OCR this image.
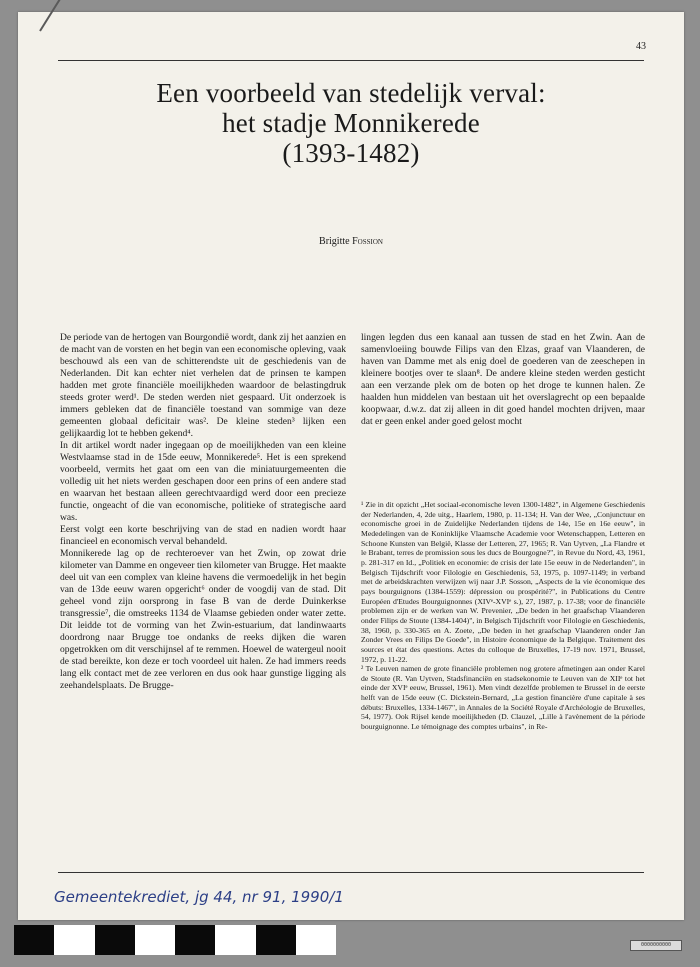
43
Een voorbeeld van stedelijk verval:
het stadje Monnikerede
(1393-1482)
Brigitte Fossion

De periode van de hertogen van Bourgondië wordt, dank zij het aanzien en de macht van de vorsten en het begin van een economische opleving, vaak beschouwd als een van de schitterendste uit de geschiedenis van de Nederlanden. Dit kan echter niet verhelen dat de prinsen te kampen hadden met grote financiële moeilijkheden waardoor de belastingdruk steeds groter werd¹. De steden werden niet gespaard. Uit onderzoek is immers gebleken dat de financiële toestand van sommige van deze gemeenten globaal deficitair was². De kleine steden³ lijken een gelijkaardig lot te hebben gekend⁴.

In dit artikel wordt nader ingegaan op de moeilijkheden van een kleine Westvlaamse stad in de 15de eeuw, Monnikerede⁵. Het is een sprekend voorbeeld, vermits het gaat om een van die miniatuurgemeenten die volledig uit het niets werden geschapen door een prins of een andere stad en waarvan het bestaan alleen gerechtvaardigd werd door een precieze functie, ongeacht of die van economische, politieke of strategische aard was.

Eerst volgt een korte beschrijving van de stad en nadien wordt haar financieel en economisch verval behandeld.

Monnikerede lag op de rechteroever van het Zwin, op zowat drie kilometer van Damme en ongeveer tien kilometer van Brugge. Het maakte deel uit van een complex van kleine havens die vermoedelijk in het begin van de 13de eeuw waren opgericht⁶ onder de voogdij van de stad. Dit geheel vond zijn oorsprong in fase B van de derde Duinkerkse transgressie⁷, die omstreeks 1134 de Vlaamse gebieden onder water zette. Dit leidde tot de vorming van het Zwin-estuarium, dat landinwaarts doordrong naar Brugge toe ondanks de reeks dijken die waren opgetrokken om dit verschijnsel af te remmen. Hoewel de watergeul nooit de stad bereikte, kon deze er toch voordeel uit halen. Ze had immers reeds lang elk contact met de zee verloren en dus ook haar gunstige ligging als zeehandelsplaats. De Brugge-

lingen legden dus een kanaal aan tussen de stad en het Zwin. Aan de samenvloeiing bouwde Filips van den Elzas, graaf van Vlaanderen, de haven van Damme met als enig doel de goederen van de zeeschepen in kleinere bootjes over te slaan⁸. De andere kleine steden werden gesticht aan een verzande plek om de boten op het droge te kunnen halen. Ze haalden hun middelen van bestaan uit het overslagrecht op een bepaalde koopwaar, d.w.z. dat zij alleen in dit goed handel mochten drijven, maar dat er geen enkel ander goed gelost mocht

¹ Zie in dit opzicht „Het sociaal-economische leven 1300-1482", in Algemene Geschiedenis der Nederlanden, 4, 2de uitg., Haarlem, 1980, p. 11-134; H. Van der Wee, „Conjunctuur en economische groei in de Zuidelijke Nederlanden tijdens de 14e, 15e en 16e eeuw", in Mededelingen van de Koninklijke Vlaamsche Academie voor Wetenschappen, Letteren en Schoone Kunsten van België, Klasse der Letteren, 27, 1965; R. Van Uytven, „La Flandre et le Brabant, terres de promission sous les ducs de Bourgogne?", in Revue du Nord, 43, 1961, p. 281-317 en Id., „Politiek en economie: de crisis der late 15e eeuw in de Nederlanden", in Belgisch Tijdschrift voor Filologie en Geschiedenis, 53, 1975, p. 1097-1149; in verband met de arbeidskrachten verwijzen wij naar J.P. Sosson, „Aspects de la vie économique des pays bourguignons (1384-1559): dépression ou prospérité?", in Publications du Centre Européen d'Etudes Bourguignonnes (XIVᵉ-XVIᵉ s.), 27, 1987, p. 17-38; voor de financiële problemen zijn er de werken van W. Prevenier, „De beden in het graafschap Vlaanderen onder Filips de Stoute (1384-1404)", in Belgisch Tijdschrift voor Filologie en Geschiedenis, 38, 1960, p. 330-365 en A. Zoete, „De beden in het graafschap Vlaanderen onder Jan Zonder Vrees en Filips De Goede", in Histoire économique de la Belgique. Traitement des sources et état des questions. Actes du colloque de Bruxelles, 17-19 nov. 1971, Brussel, 1972, p. 11-22.

² Te Leuven namen de grote financiële problemen nog grotere afmetingen aan onder Karel de Stoute (R. Van Uytven, Stadsfinanciën en stadsekonomie te Leuven van de XIIᵉ tot het einde der XVIᵉ eeuw, Brussel, 1961). Men vindt dezelfde problemen te Brussel in de eerste helft van de 15de eeuw (C. Dickstein-Bernard, „La gestion financière d'une capitale à ses débuts: Bruxelles, 1334-1467", in Annales de la Société Royale d'Archéologie de Bruxelles, 54, 1977). Ook Rijsel kende moeilijkheden (D. Clauzel, „Lille à l'avènement de la période bourguignonne. Le témoignage des comptes urbains", in Re-

Gemeentekrediet, jg 44, nr 91, 1990/1
0000000000
